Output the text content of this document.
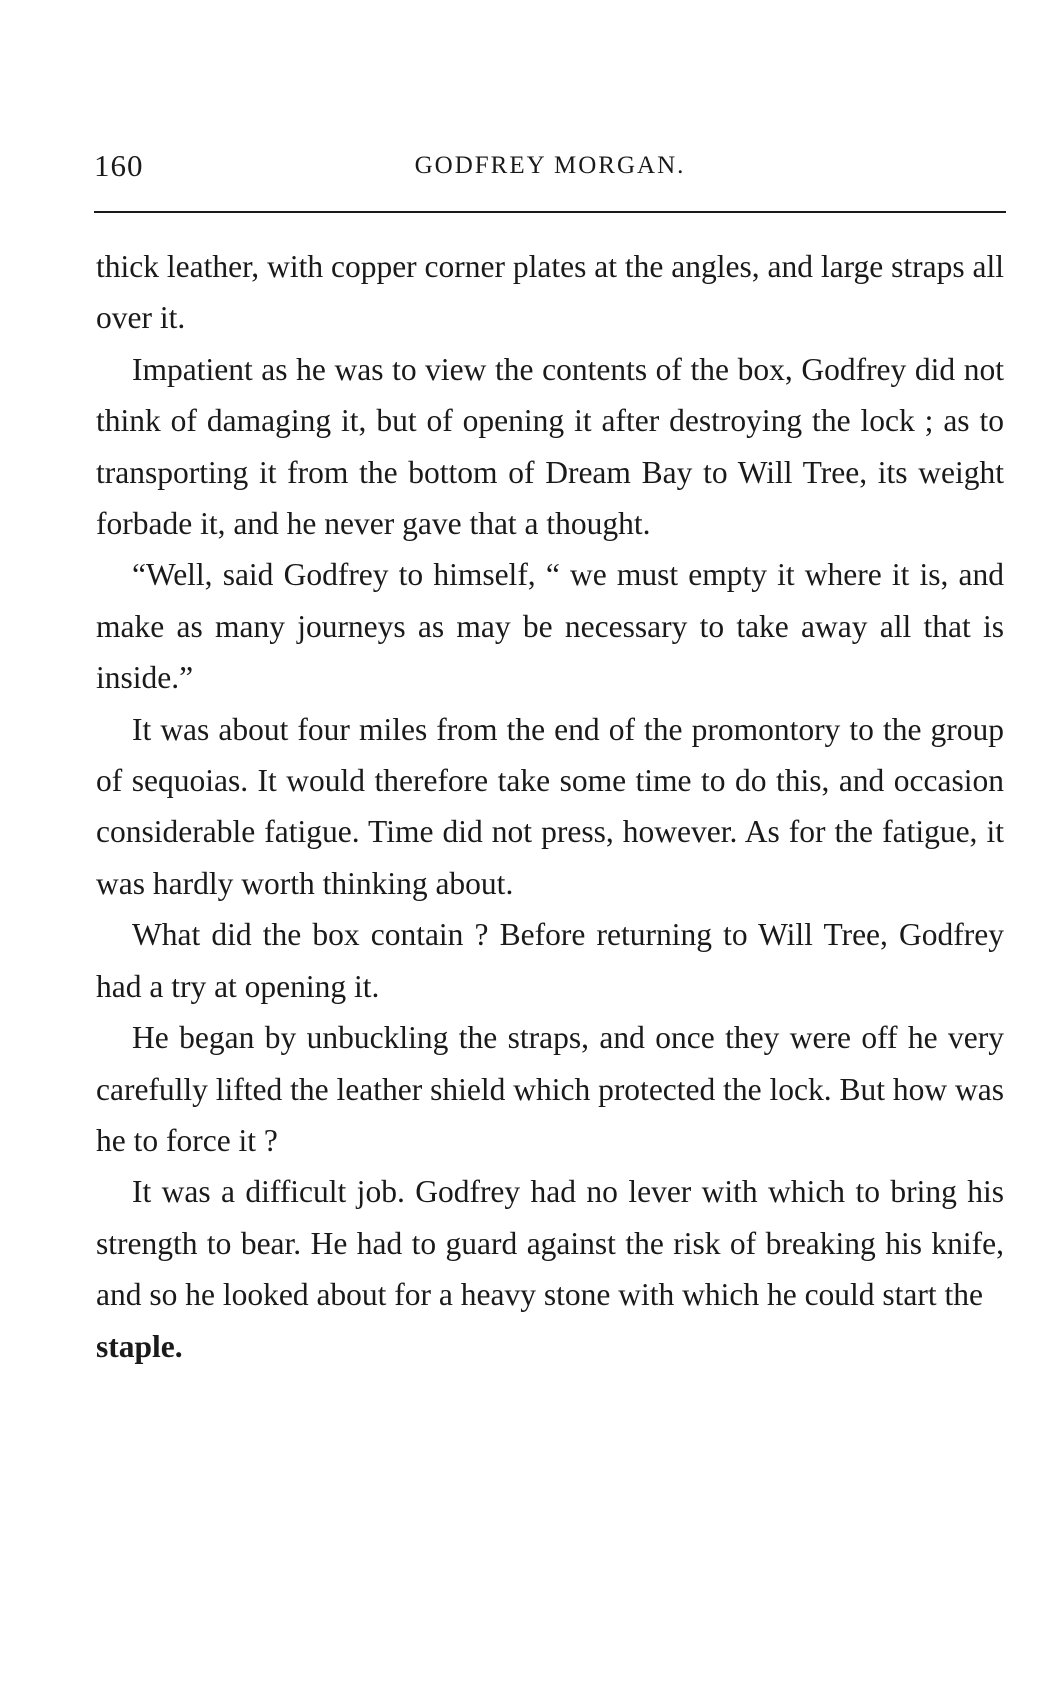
160	GODFREY MORGAN.

thick leather, with copper corner plates at the angles, and large straps all over it.

Impatient as he was to view the contents of the box, Godfrey did not think of damaging it, but of opening it after destroying the lock ; as to transporting it from the bottom of Dream Bay to Will Tree, its weight forbade it, and he never gave that a thought.

“Well, said Godfrey to himself, “ we must empty it where it is, and make as many journeys as may be necessary to take away all that is inside.”

It was about four miles from the end of the promontory to the group of sequoias. It would therefore take some time to do this, and occasion considerable fatigue. Time did not press, however. As for the fatigue, it was hardly worth thinking about.

What did the box contain ? Before returning to Will Tree, Godfrey had a try at opening it.

He began by unbuckling the straps, and once they were off he very carefully lifted the leather shield which protected the lock. But how was he to force it ?

It was a difficult job. Godfrey had no lever with which to bring his strength to bear. He had to guard against the risk of breaking his knife, and so he looked about for a heavy stone with which he could start the

staple.
